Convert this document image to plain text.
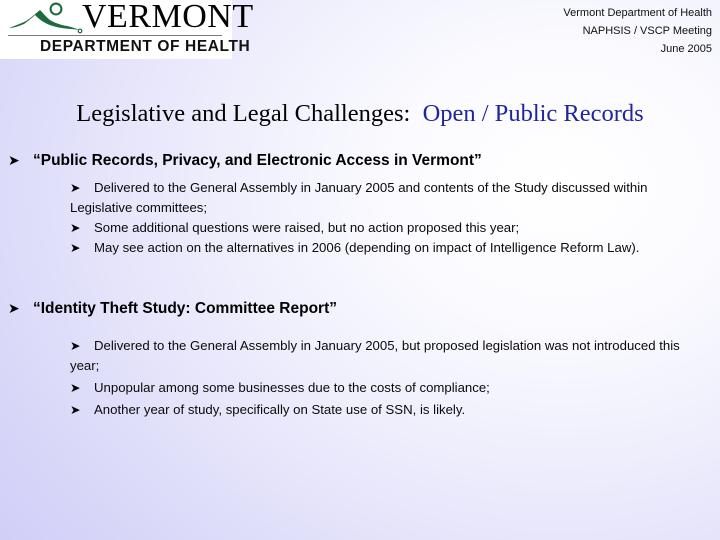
VERMONT
DEPARTMENT OF HEALTH
Vermont Department of Health
NAPHSIS / VSCP Meeting
June 2005
Legislative and Legal Challenges: Open / Public Records
➤ “Public Records, Privacy, and Electronic Access in Vermont”
➤	Delivered to the General Assembly in January 2005 and contents of the Study discussed within Legislative committees;
➤	Some additional questions were raised, but no action proposed this year;
➤	May see action on the alternatives in 2006 (depending on impact of Intelligence Reform Law).
➤ “Identity Theft Study: Committee Report”
➤	Delivered to the General Assembly in January 2005, but proposed legislation was not introduced this year;
➤	Unpopular among some businesses due to the costs of compliance;
➤	Another year of study, specifically on State use of SSN, is likely.
